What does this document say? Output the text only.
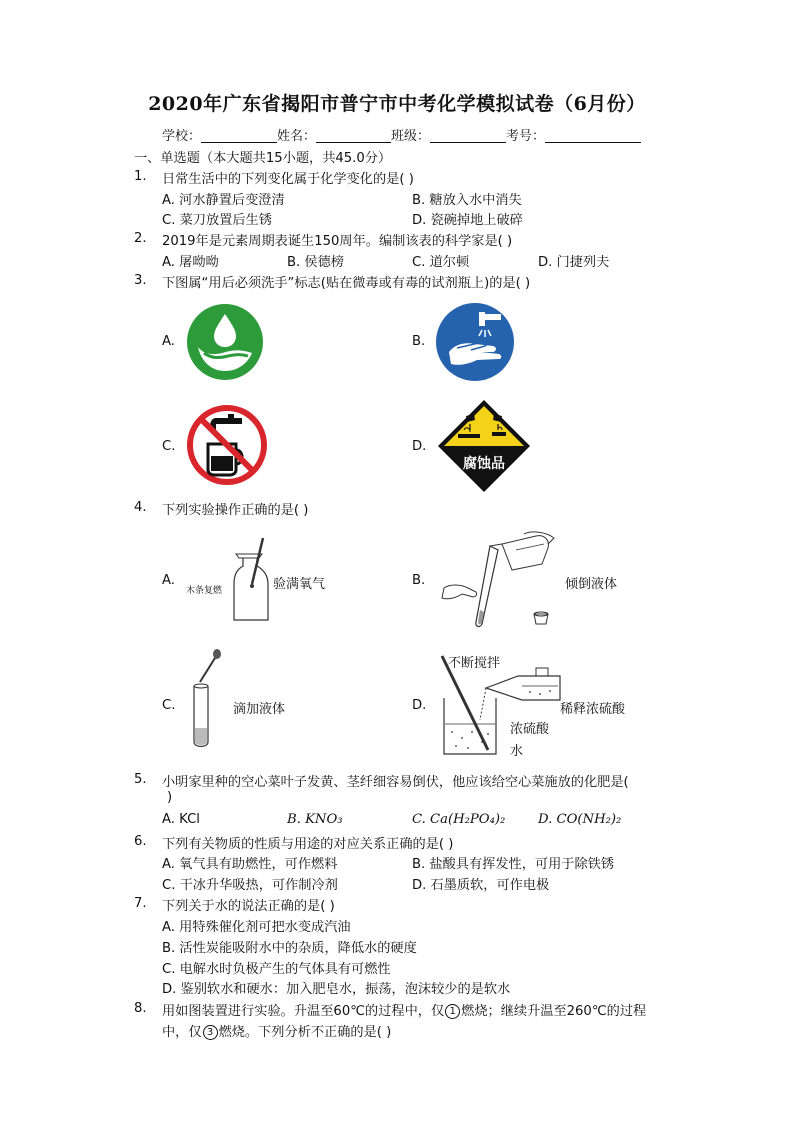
2020年广东省揭阳市普宁市中考化学模拟试卷（6月份）
学校：	姓名：	班级：	考号：
一、单选题（本大题共15小题，共45.0分）
1. 日常生活中的下列变化属于化学变化的是( )
A. 河水静置后变澄清	B. 糖放入水中消失
C. 菜刀放置后生锈	D. 瓷碗掉地上破碎
2. 2019年是元素周期表诞生150周年。编制该表的科学家是( )
A. 屠呦呦	B. 侯德榜	C. 道尔顿	D. 门捷列夫
3. 下图属“用后必须洗手”标志(贴在微毒或有毒的试剂瓶上)的是( )
A.	B.
C.	D.
腐蚀品
4. 下列实验操作正确的是( )
A.
木条复燃	验满氧气	B.	倾倒液体
C.	滴加液体	D.
不断搅拌
稀释浓硫酸
浓硫酸
水
5. 小明家里种的空心菜叶子发黄、茎纤细容易倒伏，他应该给空心菜施放的化肥是(
)
A. KCl	B. KNO₃	C. Ca(H₂PO₄)₂ D. CO(NH₂)₂
6. 下列有关物质的性质与用途的对应关系正确的是( )
A. 氧气具有助燃性，可作燃料	B. 盐酸具有挥发性，可用于除铁锈
C. 干冰升华吸热，可作制冷剂	D. 石墨质软，可作电极
7. 下列关于水的说法正确的是( )
A. 用特殊催化剂可把水变成汽油
B. 活性炭能吸附水中的杂质，降低水的硬度
C. 电解水时负极产生的气体具有可燃性
D. 鉴别软水和硬水：加入肥皂水，振荡，泡沫较少的是软水
8. 用如图装置进行实验。升温至60℃的过程中，仅 1 燃烧；继续升温至260℃的过程
中，仅 3 燃烧。下列分析不正确的是( )
